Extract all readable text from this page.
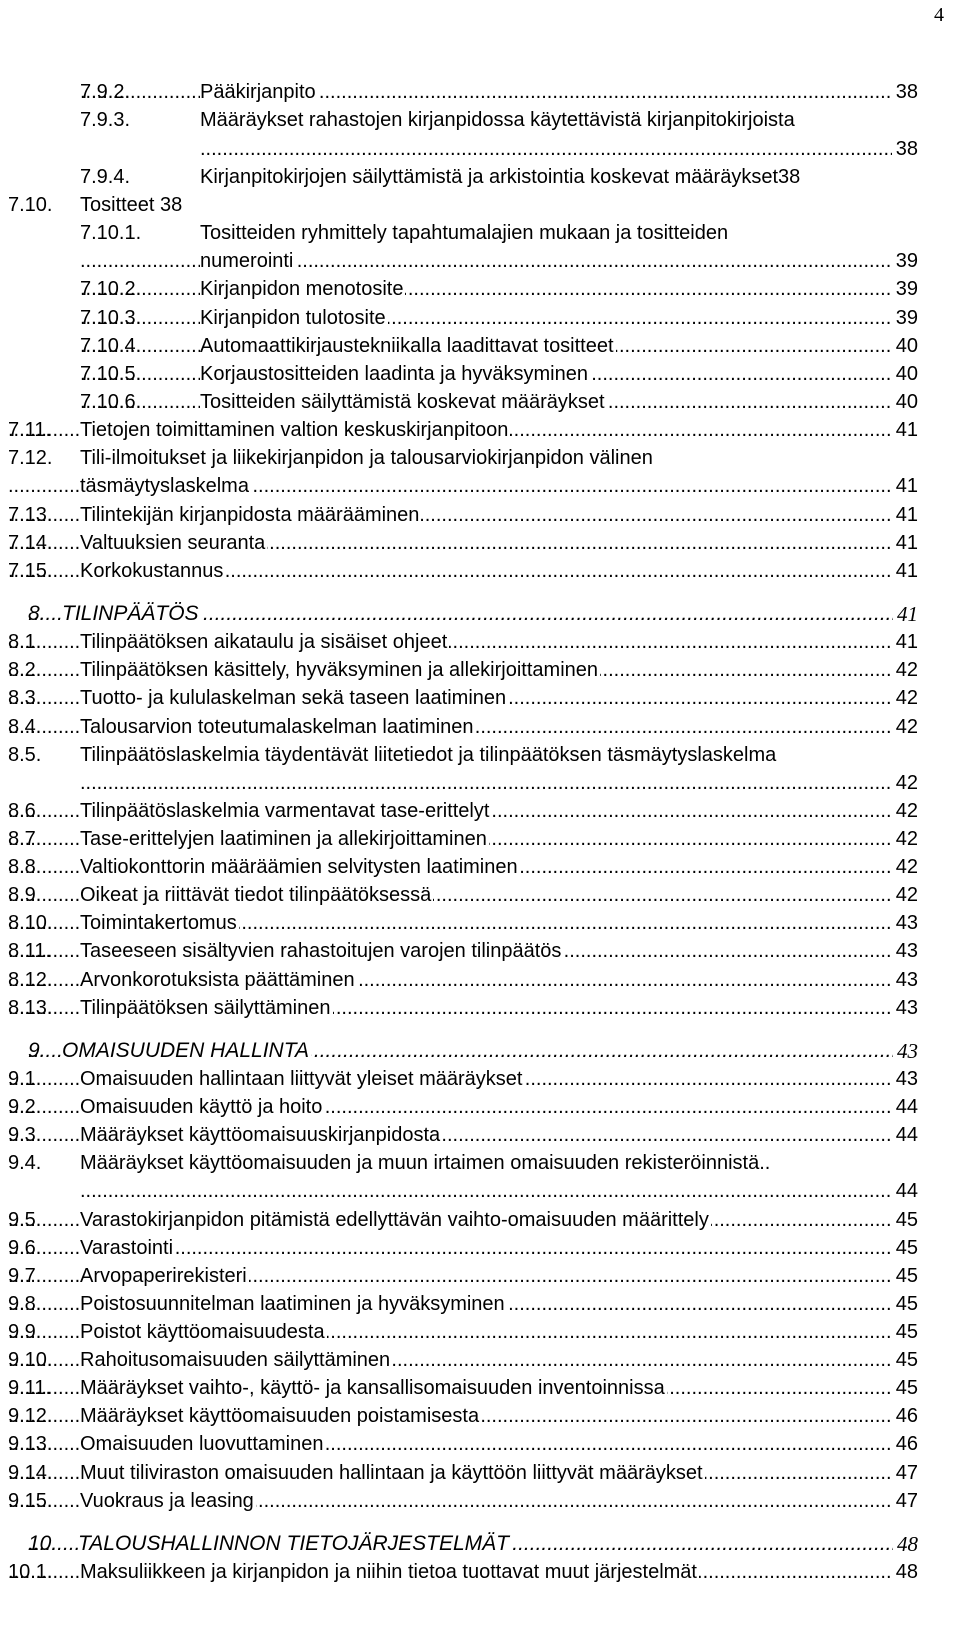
4
.....
7.9.2.	Pääkirjanpito	38
7.9.3.	Määräykset rahastojen kirjanpidossa käytettävistä kirjanpitokirjoista
.....
38
7.9.4.	Kirjanpitokirjojen säilyttämistä ja arkistointia koskevat määräykset38
7.10. Tositteet 38
7.10.1.	Tositteiden ryhmittely tapahtumalajien mukaan ja tositteiden
.....
numerointi	39
.....
7.10.2.	Kirjanpidon menotosite	39
.....
7.10.3.	Kirjanpidon tulotosite	39
.....
7.10.4.	Automaattikirjaustekniikalla laadittavat tositteet	40
.....
7.10.5.	Korjaustositteiden laadinta ja hyväksyminen	40
.....
7.10.6.	Tositteiden säilyttämistä koskevat määräykset	40
.....
7.11. Tietojen toimittaminen valtion keskuskirjanpitoon	41
7.12. Tili-ilmoitukset ja liikekirjanpidon ja talousarviokirjanpidon välinen
.....
täsmäytyslaskelma	41
.....
7.13. Tilintekijän kirjanpidosta määrääminen	41
.....
7.14. Valtuuksien seuranta	41
.....
7.15. Korkokustannus	41
.....
8. TILINPÄÄTÖS	41
.....
8.1. Tilinpäätöksen aikataulu ja sisäiset ohjeet	41
.....
8.2. Tilinpäätöksen käsittely, hyväksyminen ja allekirjoittaminen	42
.....
8.3. Tuotto- ja kululaskelman sekä taseen laatiminen	42
.....
8.4. Talousarvion toteutumalaskelman laatiminen	42
8.5. Tilinpäätöslaskelmia täydentävät liitetiedot ja tilinpäätöksen täsmäytyslaskelma
.....
42
.....
8.6. Tilinpäätöslaskelmia varmentavat tase-erittelyt	42
.....
8.7. Tase-erittelyjen laatiminen ja allekirjoittaminen	42
.....
8.8. Valtiokonttorin määräämien selvitysten laatiminen	42
.....
8.9. Oikeat ja riittävät tiedot tilinpäätöksessä	42
.....
8.10. Toimintakertomus	43
.....
8.11. Taseeseen sisältyvien rahastoitujen varojen tilinpäätös	43
.....
8.12. Arvonkorotuksista päättäminen	43
.....
8.13. Tilinpäätöksen säilyttäminen	43
.....
9. OMAISUUDEN HALLINTA	43
.....
9.1. Omaisuuden hallintaan liittyvät yleiset määräykset	43
.....
9.2. Omaisuuden käyttö ja hoito	44
.....
9.3. Määräykset käyttöomaisuuskirjanpidosta	44
9.4. Määräykset käyttöomaisuuden ja muun irtaimen omaisuuden rekisteröinnistä..
.....
44
.....
9.5. Varastokirjanpidon pitämistä edellyttävän vaihto-omaisuuden määrittely	45
.....
9.6. Varastointi	45
.....
9.7. Arvopaperirekisteri	45
.....
9.8. Poistosuunnitelman laatiminen ja hyväksyminen	45
.....
9.9. Poistot käyttöomaisuudesta	45
.....
9.10. Rahoitusomaisuuden säilyttäminen	45
.....
9.11. Määräykset vaihto-, käyttö- ja kansallisomaisuuden inventoinnissa	45
.....
9.12. Määräykset käyttöomaisuuden poistamisesta	46
.....
9.13. Omaisuuden luovuttaminen	46
.....
9.14. Muut tiliviraston omaisuuden hallintaan ja käyttöön liittyvät määräykset	47
.....
9.15. Vuokraus ja leasing	47
.....
10. TALOUSHALLINNON TIETOJÄRJESTELMÄT	48
.....
10.1. Maksuliikkeen ja kirjanpidon ja niihin tietoa tuottavat muut järjestelmät	48
